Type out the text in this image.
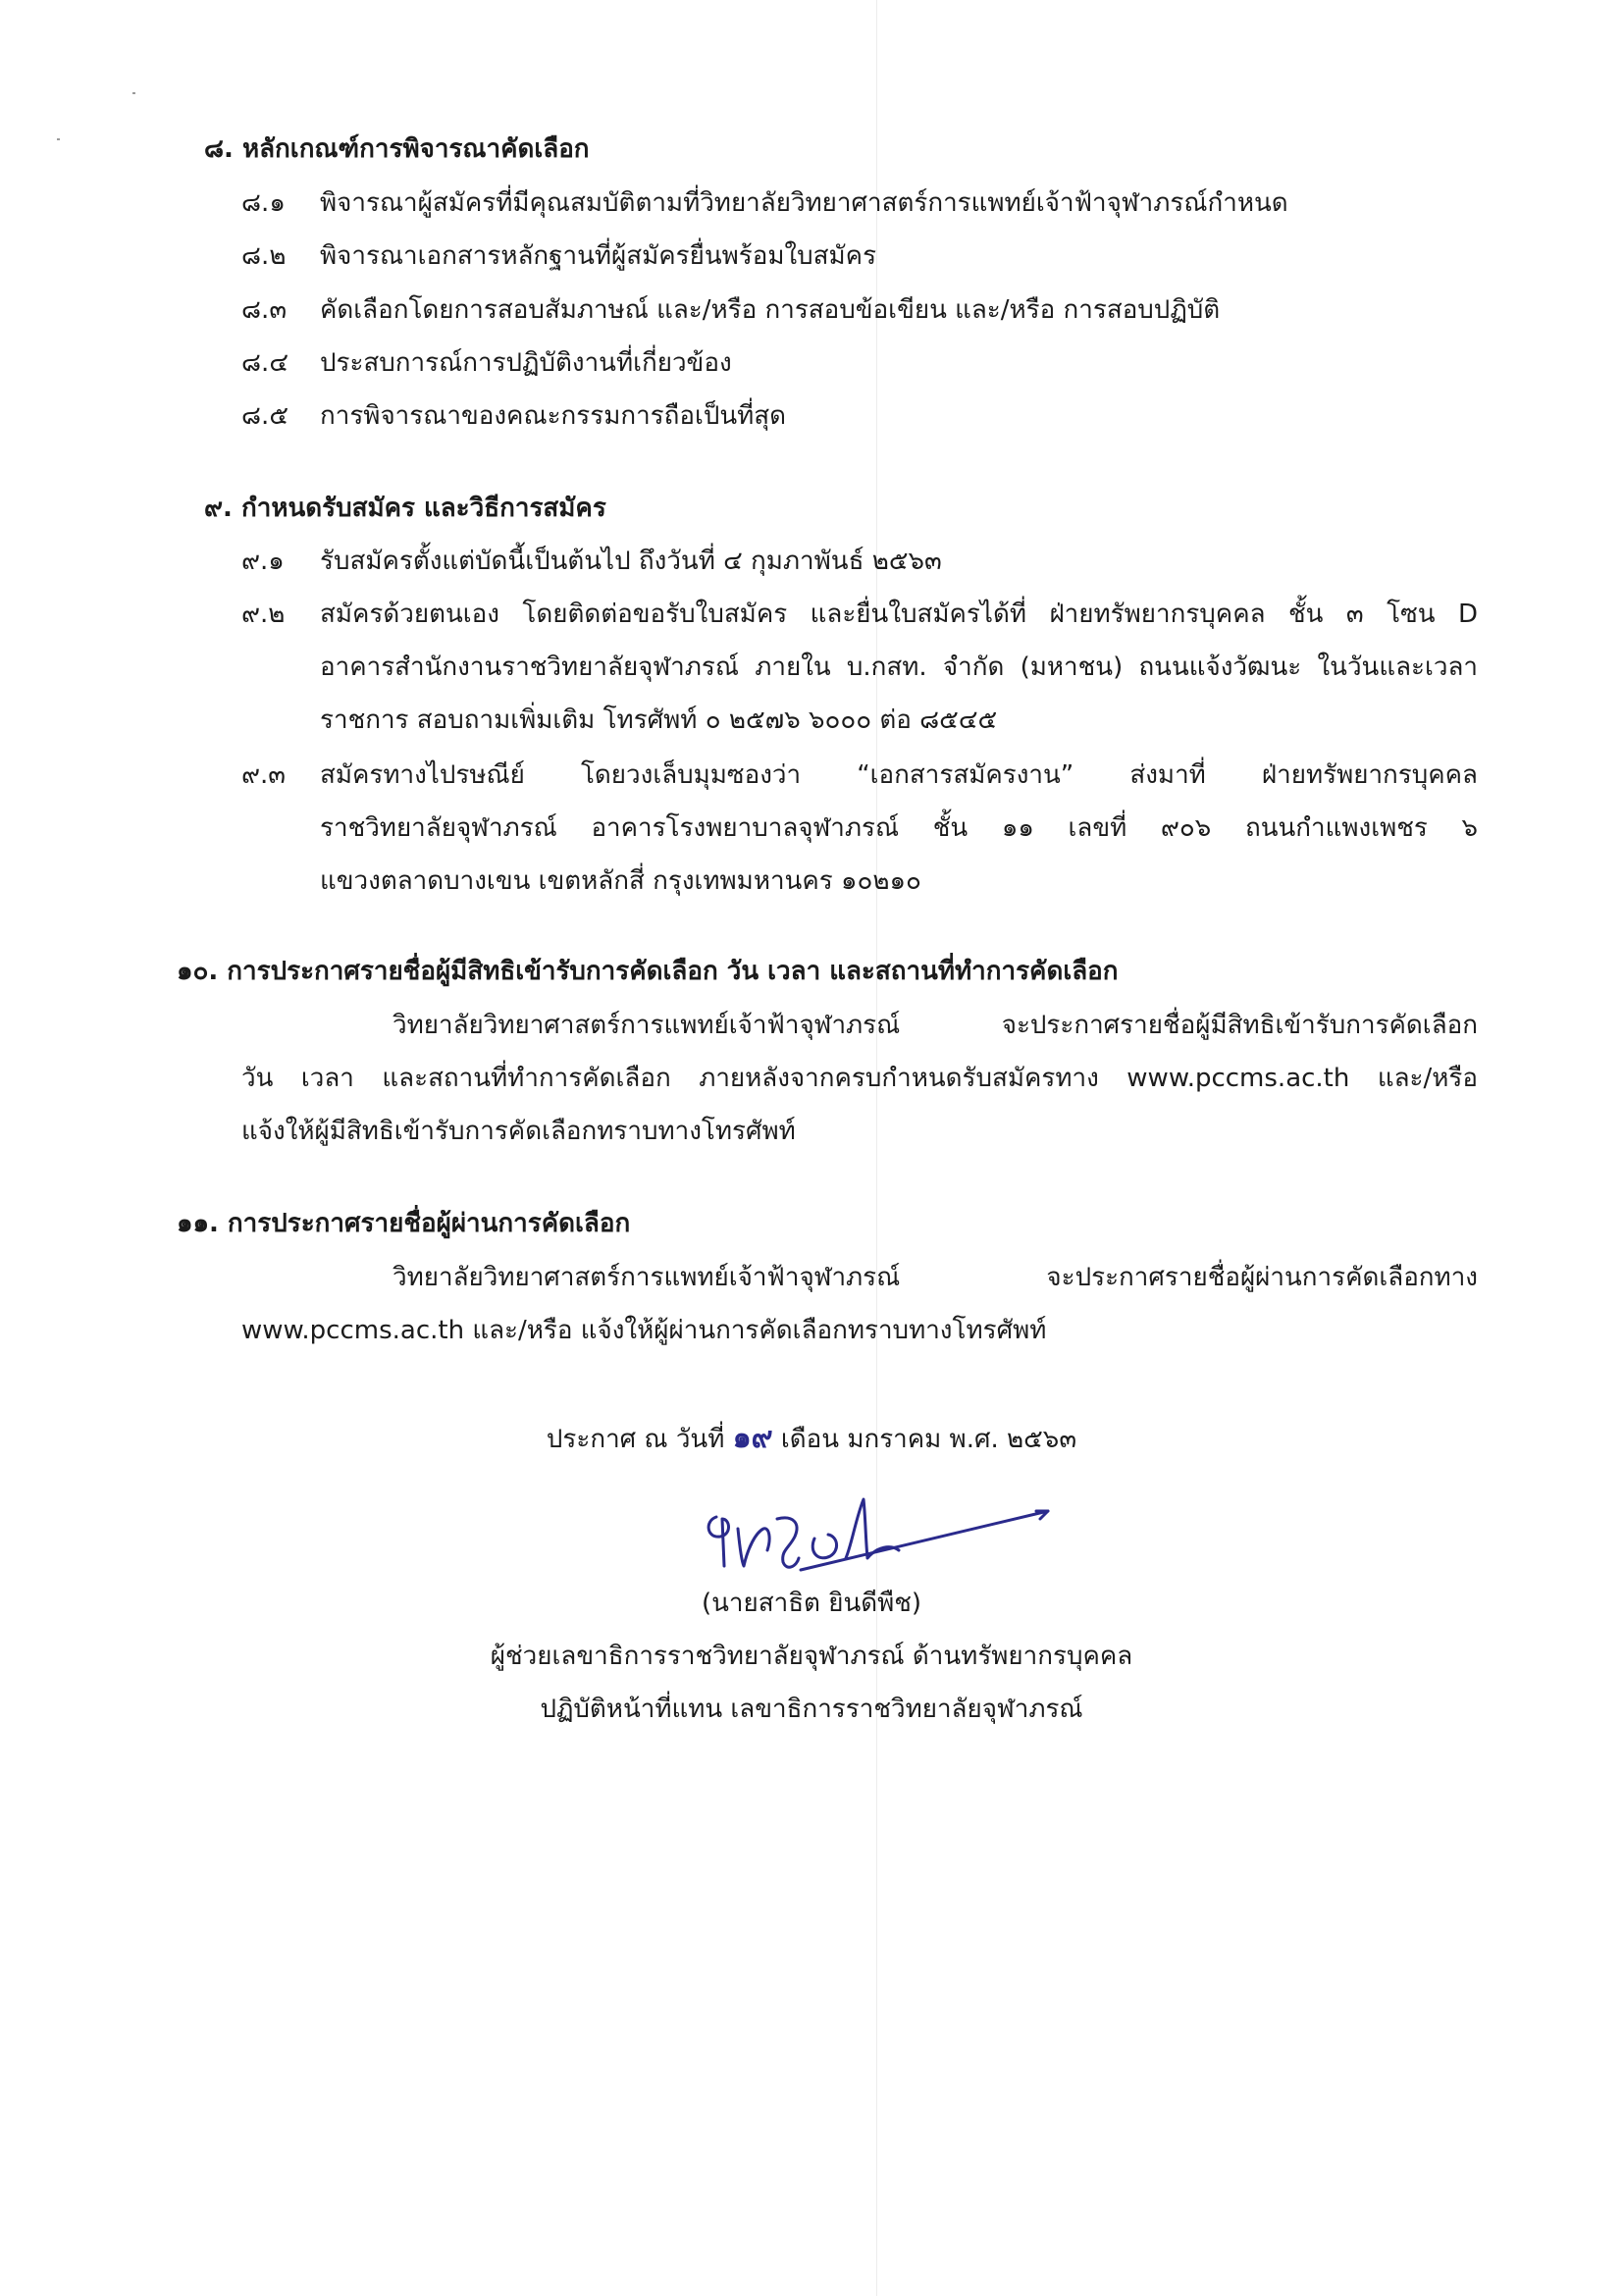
๘. หลักเกณฑ์การพิจารณาคัดเลือก
๘.๑ พิจารณาผู้สมัครที่มีคุณสมบัติตามที่วิทยาลัยวิทยาศาสตร์การแพทย์เจ้าฟ้าจุฬาภรณ์กำหนด
๘.๒ พิจารณาเอกสารหลักฐานที่ผู้สมัครยื่นพร้อมใบสมัคร
๘.๓ คัดเลือกโดยการสอบสัมภาษณ์ และ/หรือ การสอบข้อเขียน และ/หรือ การสอบปฏิบัติ
๘.๔ ประสบการณ์การปฏิบัติงานที่เกี่ยวข้อง
๘.๕ การพิจารณาของคณะกรรมการถือเป็นที่สุด
๙. กำหนดรับสมัคร และวิธีการสมัคร
๙.๑ รับสมัครตั้งแต่บัดนี้เป็นต้นไป ถึงวันที่ ๔ กุมภาพันธ์ ๒๕๖๓
๙.๒ สมัครด้วยตนเอง โดยติดต่อขอรับใบสมัคร และยื่นใบสมัครได้ที่ ฝ่ายทรัพยากรบุคคล ชั้น ๓ โซน D
อาคารสำนักงานราชวิทยาลัยจุฬาภรณ์ ภายใน บ.กสท. จำกัด (มหาชน) ถนนแจ้งวัฒนะ ในวันและเวลา
ราชการ สอบถามเพิ่มเติม โทรศัพท์ ๐ ๒๕๗๖ ๖๐๐๐ ต่อ ๘๕๔๕
๙.๓ สมัครทางไปรษณีย์ โดยวงเล็บมุมซองว่า “เอกสารสมัครงาน” ส่งมาที่ ฝ่ายทรัพยากรบุคคล
ราชวิทยาลัยจุฬาภรณ์ อาคารโรงพยาบาลจุฬาภรณ์ ชั้น ๑๑ เลขที่ ๙๐๖ ถนนกำแพงเพชร ๖
แขวงตลาดบางเขน เขตหลักสี่ กรุงเทพมหานคร ๑๐๒๑๐
๑๐. การประกาศรายชื่อผู้มีสิทธิเข้ารับการคัดเลือก วัน เวลา และสถานที่ทำการคัดเลือก
วิทยาลัยวิทยาศาสตร์การแพทย์เจ้าฟ้าจุฬาภรณ์ จะประกาศรายชื่อผู้มีสิทธิเข้ารับการคัดเลือก
วัน เวลา และสถานที่ทำการคัดเลือก ภายหลังจากครบกำหนดรับสมัครทาง www.pccms.ac.th และ/หรือ
แจ้งให้ผู้มีสิทธิเข้ารับการคัดเลือกทราบทางโทรศัพท์
๑๑. การประกาศรายชื่อผู้ผ่านการคัดเลือก
วิทยาลัยวิทยาศาสตร์การแพทย์เจ้าฟ้าจุฬาภรณ์ จะประกาศรายชื่อผู้ผ่านการคัดเลือกทาง
www.pccms.ac.th และ/หรือ แจ้งให้ผู้ผ่านการคัดเลือกทราบทางโทรศัพท์
ประกาศ ณ วันที่ ๑๙ เดือน มกราคม พ.ศ. ๒๕๖๓
(นายสาธิต ยินดีพืช)
ผู้ช่วยเลขาธิการราชวิทยาลัยจุฬาภรณ์ ด้านทรัพยากรบุคคล
ปฏิบัติหน้าที่แทน เลขาธิการราชวิทยาลัยจุฬาภรณ์
